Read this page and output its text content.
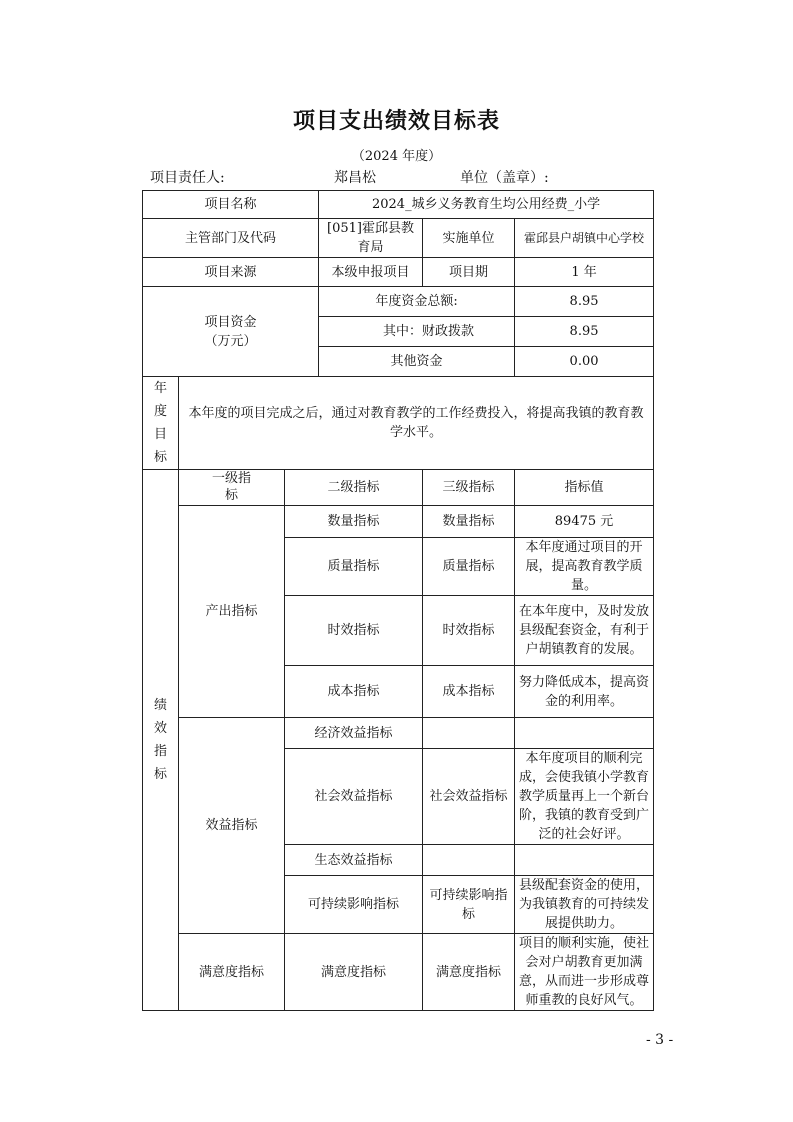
项目支出绩效目标表
（2024 年度）
项目责任人:	郑昌松	单位（盖章）:
项目名称			2024_城乡义务教育生均公用经费_小学		
主管部门及代码			[051]霍邱县教育局	实施单位	霍邱县户胡镇中心学校
项目来源			本级申报项目	项目期	1 年

项目资金
（万元）			年度资金总额:		8.95
			其中：财政拨款		8.95
			其他资金		0.00
年度目标	本年度的项目完成之后，通过对教育教学的工作经费投入，将提高我镇的教育教学水平。				
绩效指标	一级指标	二级指标		三级指标	指标值
	产出指标	数量指标		数量指标	89475 元
		质量指标		质量指标	本年度通过项目的开展，提高教育教学质量。
		时效指标		时效指标	在本年度中，及时发放县级配套资金，有利于户胡镇教育的发展。
		成本指标		成本指标	努力降低成本，提高资金的利用率。
	效益指标	经济效益指标			
		社会效益指标		社会效益指标	本年度项目的顺利完成，会使我镇小学教育教学质量再上一个新台阶，我镇的教育受到广泛的社会好评。
		生态效益指标			
		可持续影响指标		可持续影响指标	县级配套资金的使用，为我镇教育的可持续发展提供助力。
	满意度指标	满意度指标		满意度指标	项目的顺利实施，使社会对户胡教育更加满意，从而进一步形成尊师重教的良好风气。
- 3 -
